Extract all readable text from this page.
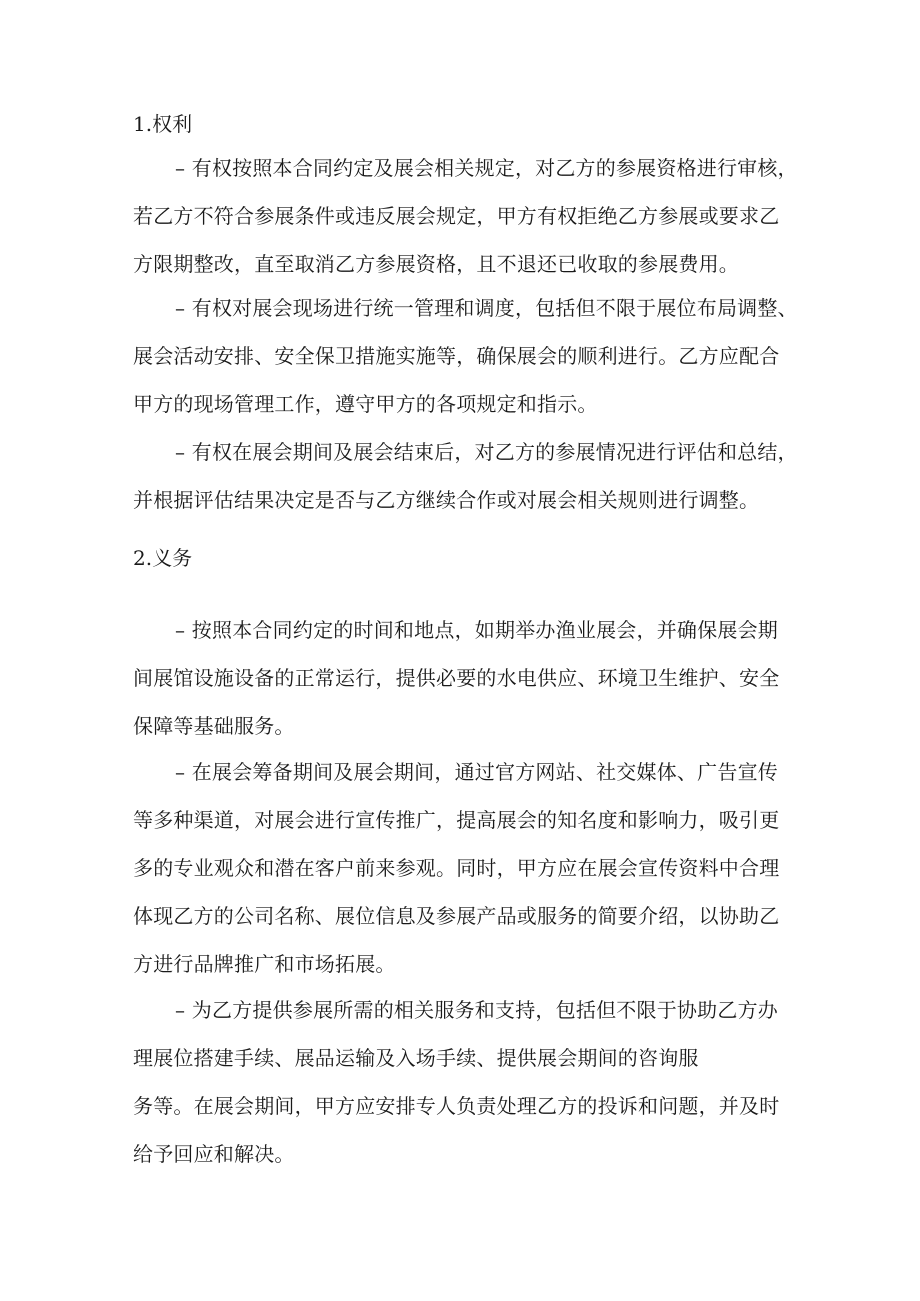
1.权利
– 有权按照本合同约定及展会相关规定，对乙方的参展资格进行审核，
若乙方不符合参展条件或违反展会规定，甲方有权拒绝乙方参展或要求乙
方限期整改，直至取消乙方参展资格，且不退还已收取的参展费用。
– 有权对展会现场进行统一管理和调度，包括但不限于展位布局调整、
展会活动安排、安全保卫措施实施等，确保展会的顺利进行。乙方应配合
甲方的现场管理工作，遵守甲方的各项规定和指示。
– 有权在展会期间及展会结束后，对乙方的参展情况进行评估和总结，
并根据评估结果决定是否与乙方继续合作或对展会相关规则进行调整。
2.义务
– 按照本合同约定的时间和地点，如期举办渔业展会，并确保展会期
间展馆设施设备的正常运行，提供必要的水电供应、环境卫生维护、安全
保障等基础服务。
– 在展会筹备期间及展会期间，通过官方网站、社交媒体、广告宣传
等多种渠道，对展会进行宣传推广，提高展会的知名度和影响力，吸引更
多的专业观众和潜在客户前来参观。同时，甲方应在展会宣传资料中合理
体现乙方的公司名称、展位信息及参展产品或服务的简要介绍，以协助乙
方进行品牌推广和市场拓展。
– 为乙方提供参展所需的相关服务和支持，包括但不限于协助乙方办
理展位搭建手续、展品运输及入场手续、提供展会期间的咨询服
务等。在展会期间，甲方应安排专人负责处理乙方的投诉和问题，并及时
给予回应和解决。
